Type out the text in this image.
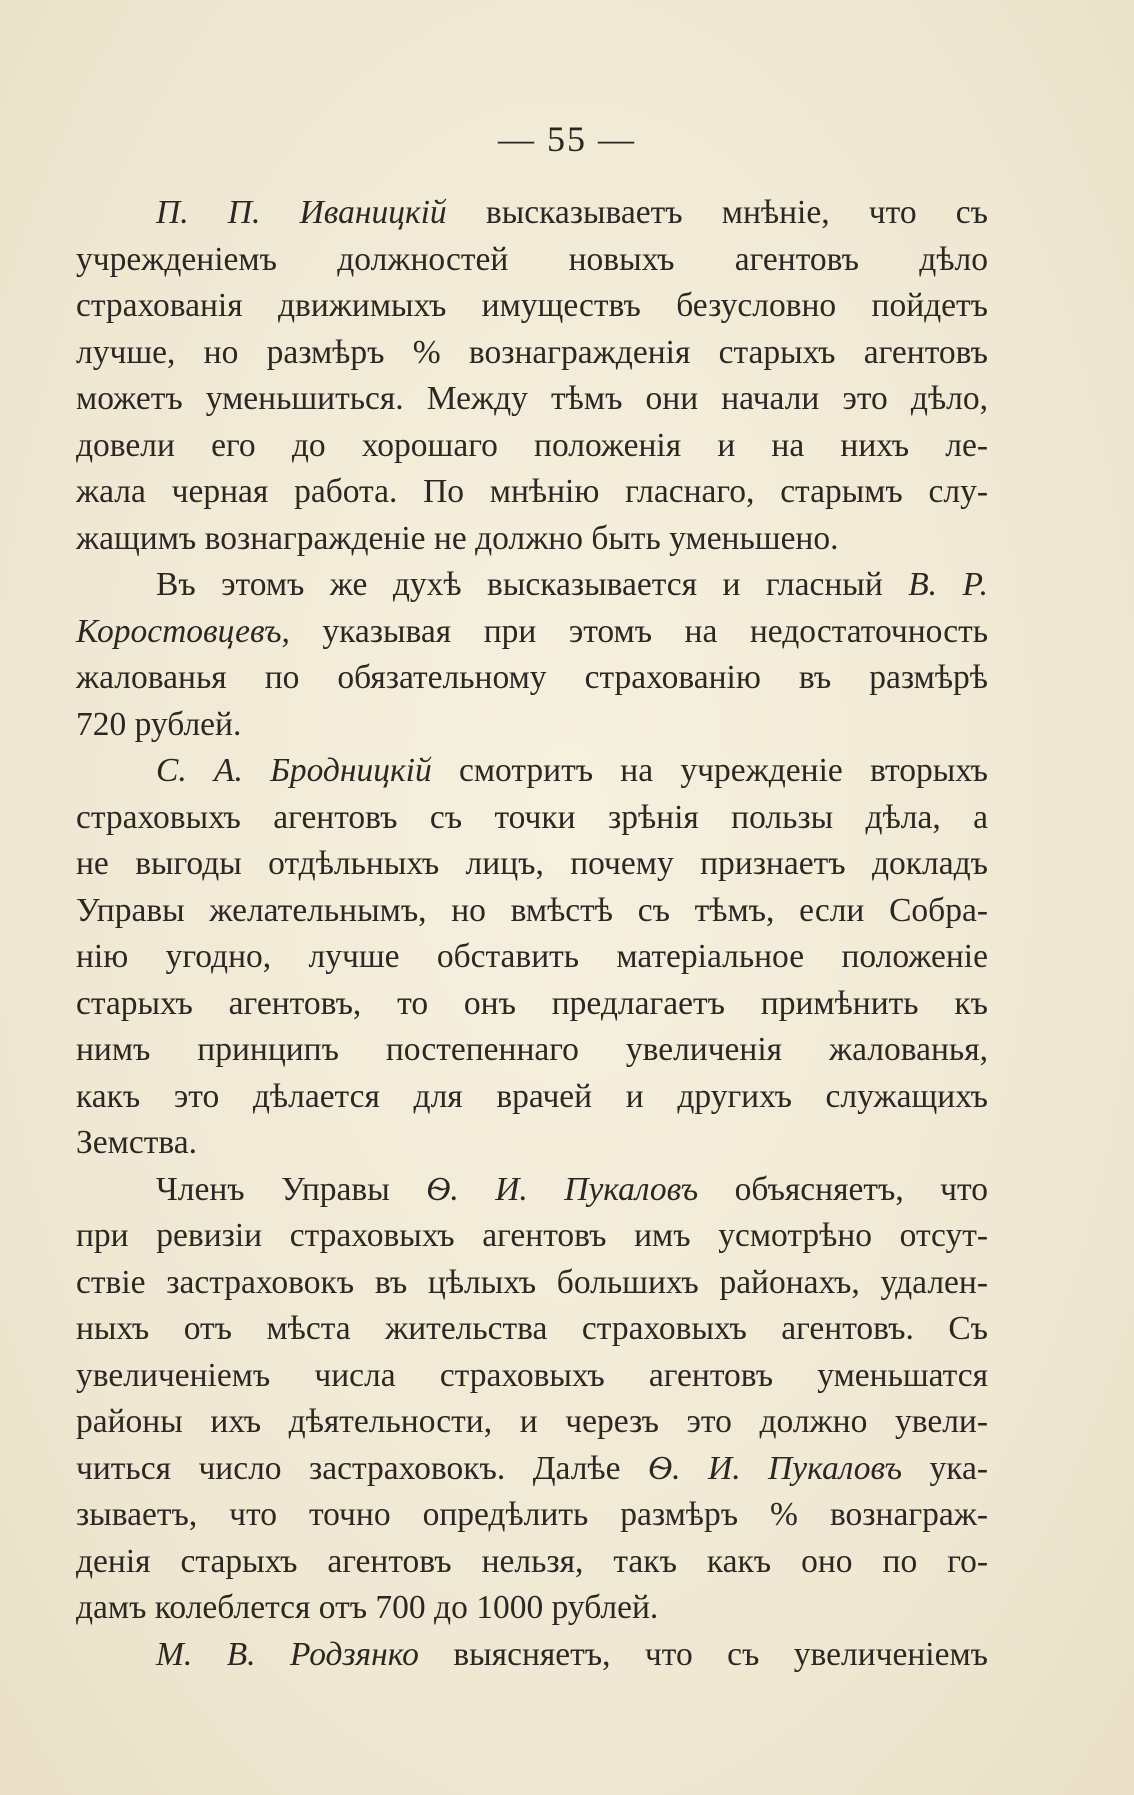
— 55 —
П. П. Иваницкiй высказываетъ мнѣнiе, что съ
учрежденiемъ должностей новыхъ агентовъ дѣло
страхованiя движимыхъ имуществъ безусловно пойдетъ
лучше, но размѣръ % вознагражденiя старыхъ агентовъ
можетъ уменьшиться. Между тѣмъ они начали это дѣло,
довели его до хорошаго положенiя и на нихъ ле-
жала черная работа. По мнѣнiю гласнаго, старымъ слу-
жащимъ вознагражденiе не должно быть уменьшено.
Въ этомъ же духѣ высказывается и гласный В. Р.
Коростовцевъ, указывая при этомъ на недостаточность
жалованья по обязательному страхованiю въ размѣрѣ
720 рублей.
С. А. Бродницкiй смотритъ на учрежденiе вторыхъ
страховыхъ агентовъ съ точки зрѣнiя пользы дѣла, а
не выгоды отдѣльныхъ лицъ, почему признаетъ докладъ
Управы желательнымъ, но вмѣстѣ съ тѣмъ, если Собра-
нiю угодно, лучше обставить матерiальное положенiе
старыхъ агентовъ, то онъ предлагаетъ примѣнить къ
нимъ принципъ постепеннаго увеличенiя жалованья,
какъ это дѣлается для врачей и другихъ служащихъ
Земства.
Членъ Управы Ѳ. И. Пукаловъ объясняетъ, что
при ревизiи страховыхъ агентовъ имъ усмотрѣно отсут-
ствiе застраховокъ въ цѣлыхъ большихъ районахъ, удален-
ныхъ отъ мѣста жительства страховыхъ агентовъ. Съ
увеличенiемъ числа страховыхъ агентовъ уменьшатся
районы ихъ дѣятельности, и черезъ это должно увели-
читься число застраховокъ. Далѣе Ѳ. И. Пукаловъ ука-
зываетъ, что точно опредѣлить размѣръ % вознаграж-
денiя старыхъ агентовъ нельзя, такъ какъ оно по го-
дамъ колеблется отъ 700 до 1000 рублей.
М. В. Родзянко выясняетъ, что съ увеличенiемъ
